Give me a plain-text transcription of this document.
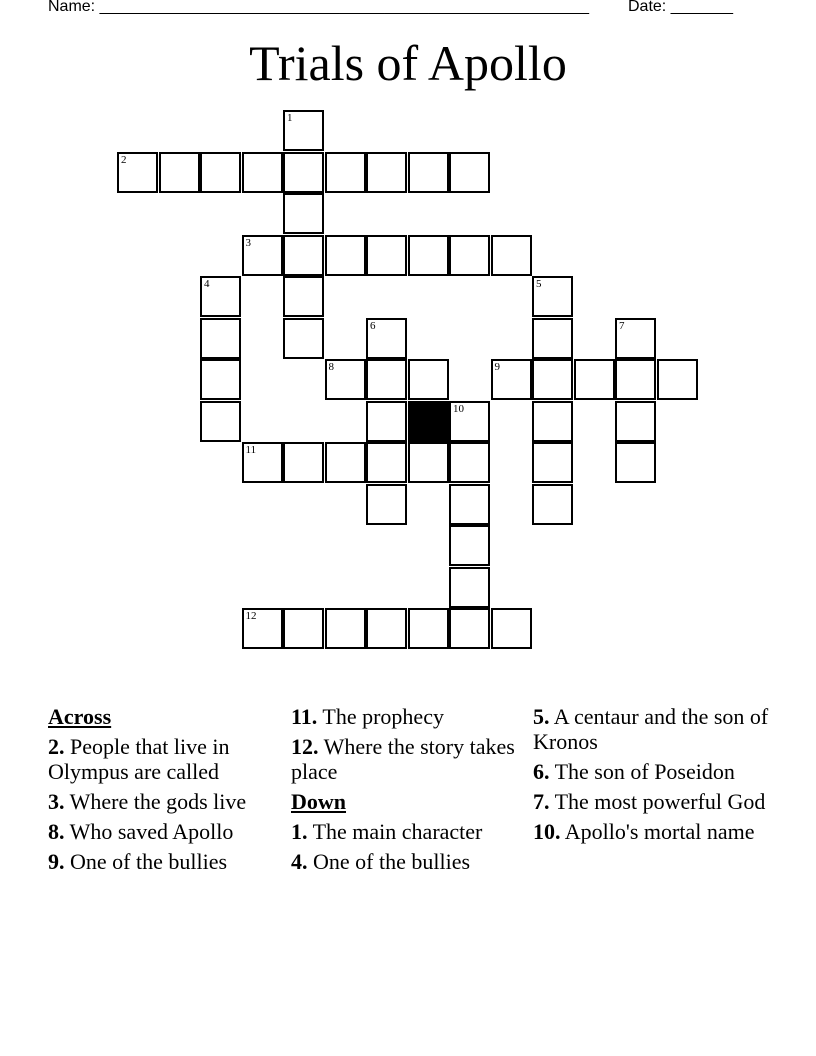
Name: _______________________________________________________ Date: _______
Trials of Apollo
1
2
3
4	5
6	7
8	9
10
11
12
Across
2. People that live in Olympus are called
3. Where the gods live
8. Who saved Apollo
9. One of the bullies
11. The prophecy
12. Where the story takes place
Down
1. The main character
4. One of the bullies
5. A centaur and the son of Kronos
6. The son of Poseidon
7. The most powerful God
10. Apollo's mortal name
